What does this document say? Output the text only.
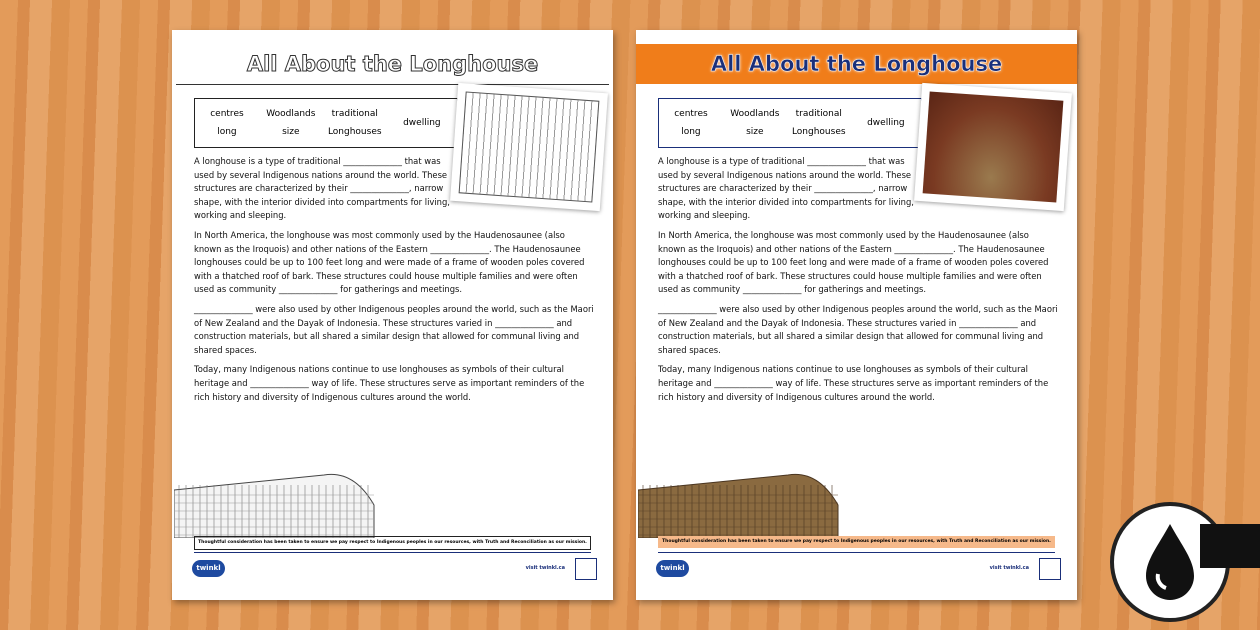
All About the Longhouse
centres
long
Woodlands
size
traditional
Longhouses
dwelling

A longhouse is a type of traditional ______________ that was used by several Indigenous nations around the world. These structures are characterized by their ______________, narrow shape, with the interior divided into compartments for living, working and sleeping.

In North America, the longhouse was most commonly used by the Haudenosaunee (also known as the Iroquois) and other nations of the Eastern ______________. The Haudenosaunee longhouses could be up to 100 feet long and were made of a frame of wooden poles covered with a thatched roof of bark. These structures could house multiple families and were often used as community ______________ for gatherings and meetings.

______________ were also used by other Indigenous peoples around the world, such as the Maori of New Zealand and the Dayak of Indonesia. These structures varied in ______________ and construction materials, but all shared a similar design that allowed for communal living and shared spaces.

Today, many Indigenous nations continue to use longhouses as symbols of their cultural heritage and ______________ way of life. These structures serve as important reminders of the rich history and diversity of Indigenous cultures around the world.

Thoughtful consideration has been taken to ensure we pay respect to Indigenous peoples in our resources, with Truth and Reconciliation as our mission.
twinkl	visit twinkl.ca
All About the Longhouse
centres
long
Woodlands
size
traditional
Longhouses
dwelling

A longhouse is a type of traditional ______________ that was used by several Indigenous nations around the world. These structures are characterized by their ______________, narrow shape, with the interior divided into compartments for living, working and sleeping.

In North America, the longhouse was most commonly used by the Haudenosaunee (also known as the Iroquois) and other nations of the Eastern ______________. The Haudenosaunee longhouses could be up to 100 feet long and were made of a frame of wooden poles covered with a thatched roof of bark. These structures could house multiple families and were often used as community ______________ for gatherings and meetings.

______________ were also used by other Indigenous peoples around the world, such as the Maori of New Zealand and the Dayak of Indonesia. These structures varied in ______________ and construction materials, but all shared a similar design that allowed for communal living and shared spaces.

Today, many Indigenous nations continue to use longhouses as symbols of their cultural heritage and ______________ way of life. These structures serve as important reminders of the rich history and diversity of Indigenous cultures around the world.

Thoughtful consideration has been taken to ensure we pay respect to Indigenous peoples in our resources, with Truth and Reconciliation as our mission.
twinkl	visit twinkl.ca
